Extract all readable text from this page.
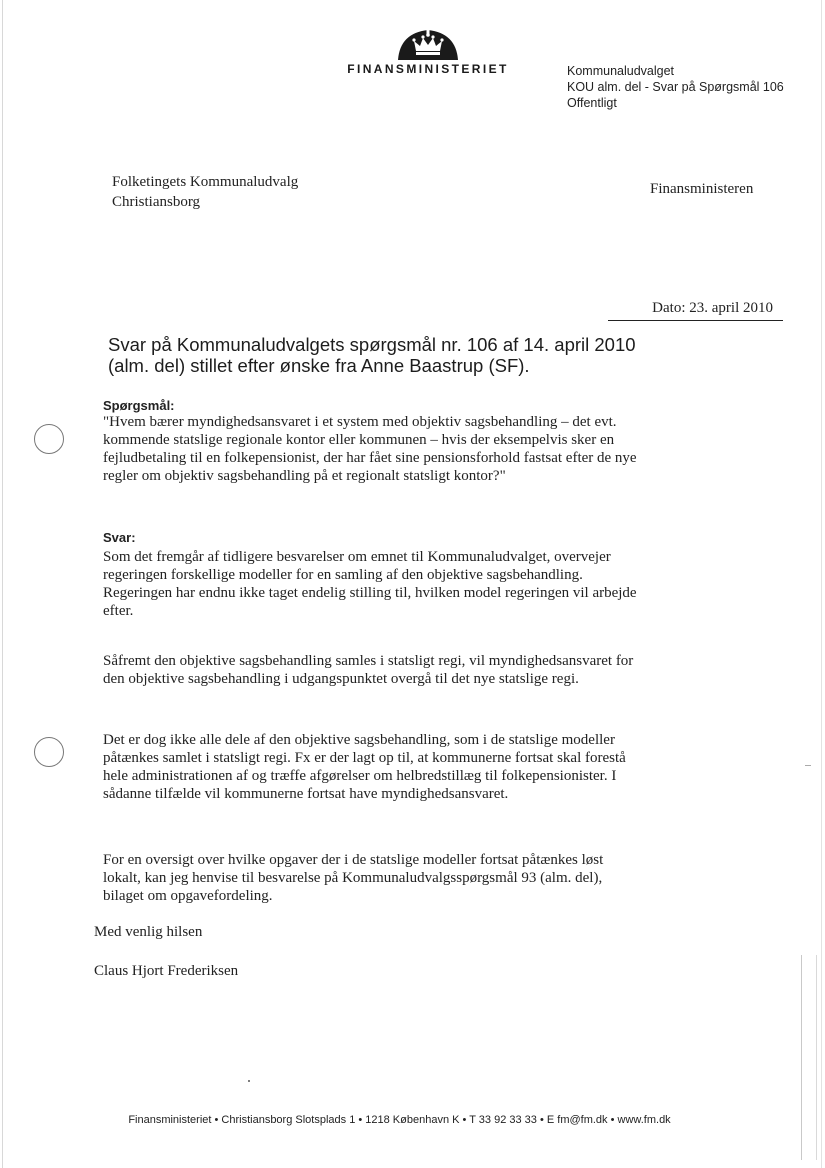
FINANSMINISTERIET	Kommunaludvalget
KOU alm. del - Svar på Spørgsmål 106
Offentligt
Folketingets Kommunaludvalg
Christiansborg
Finansministeren
Dato: 23. april 2010
Svar på Kommunaludvalgets spørgsmål nr. 106 af 14. april 2010 (alm. del) stillet efter ønske fra Anne Baastrup (SF).
Spørgsmål:
"Hvem bærer myndighedsansvaret i et system med objektiv sagsbehandling – det evt. kommende statslige regionale kontor eller kommunen – hvis der eksempelvis sker en fejludbetaling til en folkepensionist, der har fået sine pensionsforhold fastsat efter de nye regler om objektiv sagsbehandling på et regionalt statsligt kontor?"
Svar:

Som det fremgår af tidligere besvarelser om emnet til Kommunaludvalget, overvejer regeringen forskellige modeller for en samling af den objektive sagsbehandling. Regeringen har endnu ikke taget endelig stilling til, hvilken model regeringen vil arbejde efter.

Såfremt den objektive sagsbehandling samles i statsligt regi, vil myndighedsansvaret for den objektive sagsbehandling i udgangspunktet overgå til det nye statslige regi.

Det er dog ikke alle dele af den objektive sagsbehandling, som i de statslige modeller påtænkes samlet i statsligt regi. Fx er der lagt op til, at kommunerne fortsat skal forestå hele administrationen af og træffe afgørelser om helbredstillæg til folkepensionister. I sådanne tilfælde vil kommunerne fortsat have myndighedsansvaret.

For en oversigt over hvilke opgaver der i de statslige modeller fortsat påtænkes løst lokalt, kan jeg henvise til besvarelse på Kommunaludvalgsspørgsmål 93 (alm. del), bilaget om opgavefordeling.

Med venlig hilsen
Claus Hjort Frederiksen
Finansministeriet • Christiansborg Slotsplads 1 • 1218 København K • T 33 92 33 33 • E fm@fm.dk • www.fm.dk
